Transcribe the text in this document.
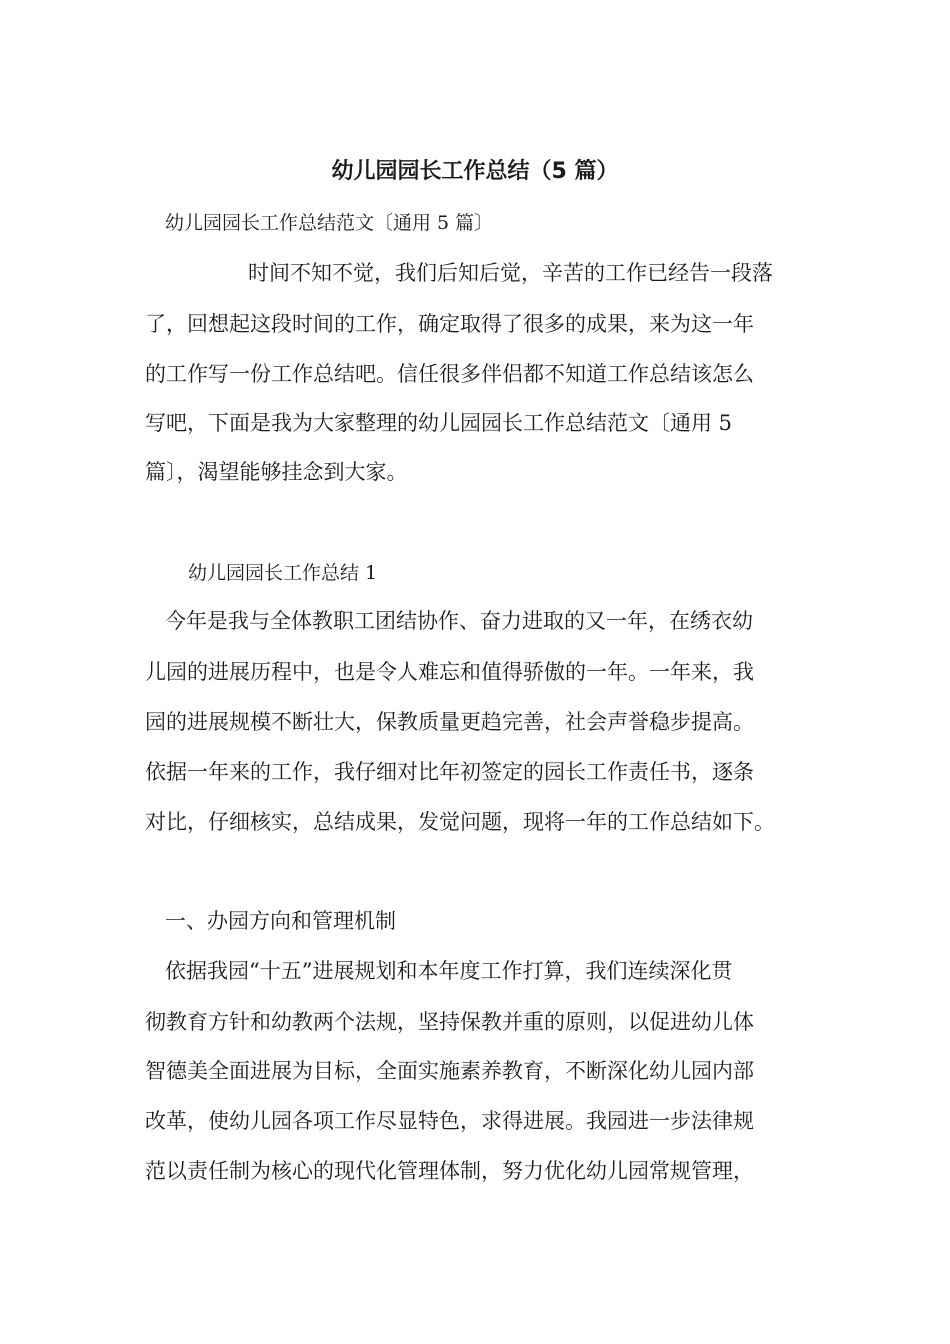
幼儿园园长工作总结（5 篇）
幼儿园园长工作总结范文〔通用 5 篇〕
时间不知不觉，我们后知后觉，辛苦的工作已经告一段落
了，回想起这段时间的工作，确定取得了很多的成果，来为这一年
的工作写一份工作总结吧。信任很多伴侣都不知道工作总结该怎么
写吧，下面是我为大家整理的幼儿园园长工作总结范文〔通用 5
篇〕，渴望能够挂念到大家。
幼儿园园长工作总结 1
今年是我与全体教职工团结协作、奋力进取的又一年，在绣衣幼
儿园的进展历程中，也是令人难忘和值得骄傲的一年。一年来，我
园的进展规模不断壮大，保教质量更趋完善，社会声誉稳步提高。
依据一年来的工作，我仔细对比年初签定的园长工作责任书，逐条
对比，仔细核实，总结成果，发觉问题，现将一年的工作总结如下。
一、办园方向和管理机制
依据我园“十五”进展规划和本年度工作打算，我们连续深化贯
彻教育方针和幼教两个法规，坚持保教并重的原则，以促进幼儿体
智德美全面进展为目标，全面实施素养教育，不断深化幼儿园内部
改革，使幼儿园各项工作尽显特色，求得进展。我园进一步法律规
范以责任制为核心的现代化管理体制，努力优化幼儿园常规管理，
